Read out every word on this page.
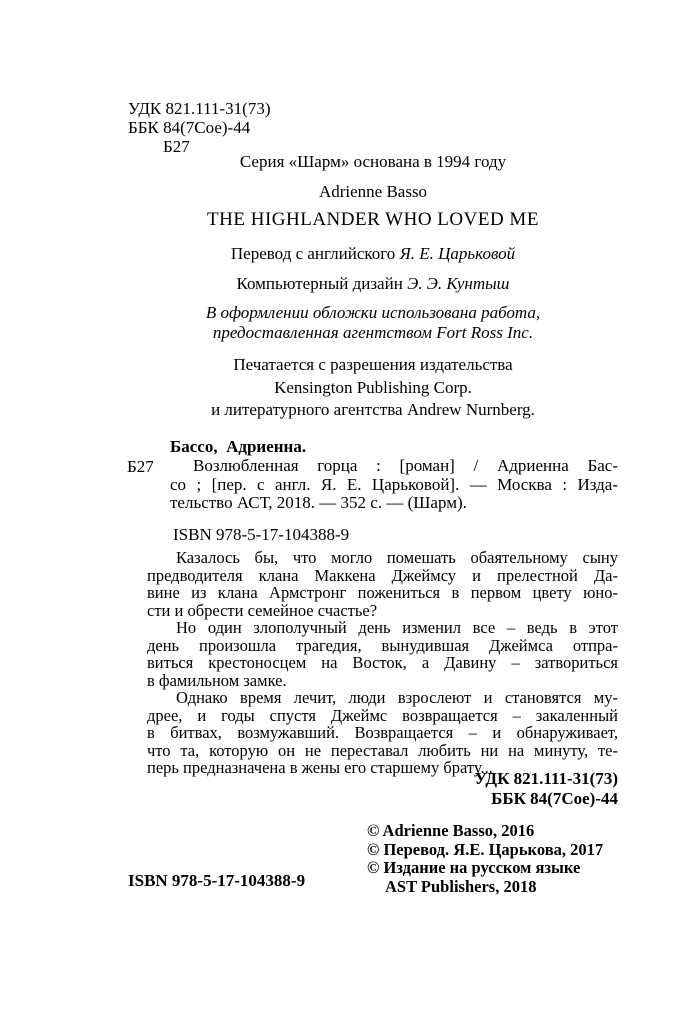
УДК 821.111-31(73)
ББК 84(7Сое)-44
Б27
Серия «Шарм» основана в 1994 году
Adrienne Basso
THE HIGHLANDER WHO LOVED ME
Перевод с английского Я. Е. Царьковой
Компьютерный дизайн Э. Э. Кунтыш
В оформлении обложки использована работа,
предоставленная агентством Fort Ross Inc.
Печатается с разрешения издательства
Kensington Publishing Corp.
и литературного агентства Andrew Nurnberg.
Бассо,  Адриенна.
Б27	Возлюбленная горца : [роман] / Адриенна Бас-
со ; [пер. с англ. Я. Е. Царьковой]. — Москва : Изда-
тельство АСТ, 2018. — 352 с. — (Шарм).
ISBN 978-5-17-104388-9
Казалось бы, что могло помешать обаятельному сыну
предводителя клана Маккена Джеймсу и прелестной Да-
вине из клана Армстронг пожениться в первом цвету юно-
сти и обрести семейное счастье?
Но один злополучный день изменил все – ведь в этот
день произошла трагедия, вынудившая Джеймса отпра-
виться крестоносцем на Восток, а Давину – затвориться
в фамильном замке.
Однако время лечит, люди взрослеют и становятся му-
дрее, и годы спустя Джеймс возвращается – закаленный
в битвах, возмужавший. Возвращается – и обнаруживает,
что та, которую он не переставал любить ни на минуту, те-
перь предназначена в жены его старшему брату...
УДК 821.111-31(73)
ББК 84(7Сое)-44
© Adrienne Basso, 2016
© Перевод. Я.Е. Царькова, 2017
© Издание на русском языке
AST Publishers, 2018
ISBN 978-5-17-104388-9
